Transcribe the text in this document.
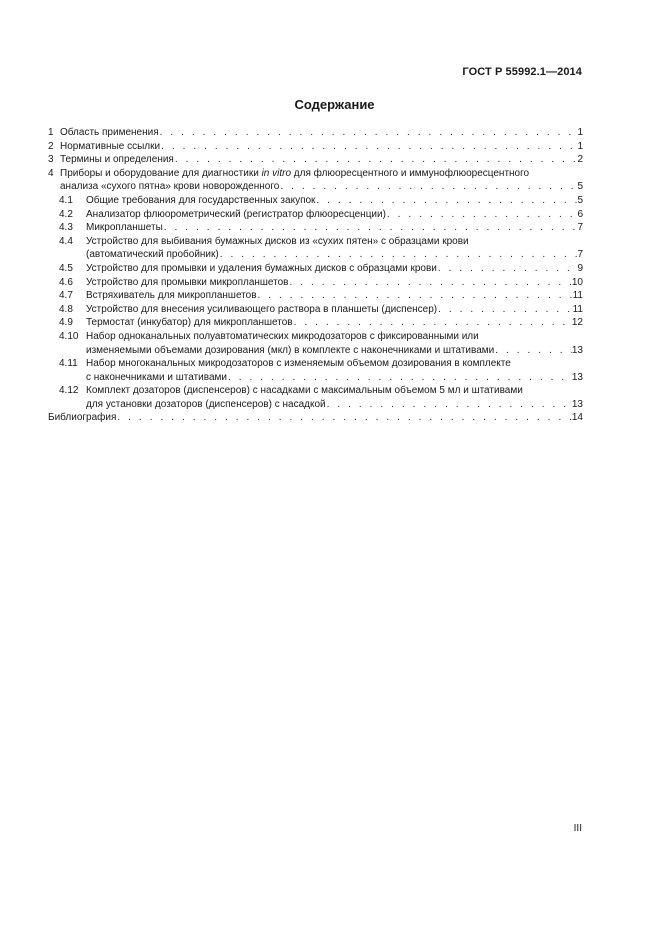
ГОСТ Р 55992.1—2014
Содержание
1 Область применения . . .	1
2 Нормативные ссылки . . .	1
3 Термины и определения . . .	2
4 Приборы и оборудование для диагностики in vitro для флюоресцентного и иммунофлюоресцентного
анализа «сухого пятна» крови новорожденного . . .	5
4.1	Общие требования для государственных закупок . . .	5
4.2	Анализатор флюорометрический (регистратор флюоресценции) . . .	6
4.3	Микропланшеты . . .	7
4.4	Устройство для выбивания бумажных дисков из «сухих пятен» с образцами крови
(автоматический пробойник) . . .	7
4.5	Устройство для промывки и удаления бумажных дисков с образцами крови . . .	9
4.6	Устройство для промывки микропланшетов . . .	10
4.7	Встряхиватель для микропланшетов . . .	11
4.8	Устройство для внесения усиливающего раствора в планшеты (диспенсер) . . .	11
4.9	Термостат (инкубатор) для микропланшетов . . .	12
4.10 Набор одноканальных полуавтоматических микродозаторов с фиксированными или
изменяемыми объемами дозирования (мкл) в комплекте с наконечниками и штативами . . .	13
4.11 Набор многоканальных микродозаторов с изменяемым объемом дозирования в комплекте
с наконечниками и штативами . . .	13
4.12 Комплект дозаторов (диспенсеров) с насадками с максимальным объемом 5 мл и штативами
для установки дозаторов (диспенсеров) с насадкой . . .	13
Библиография . . .	14
III
